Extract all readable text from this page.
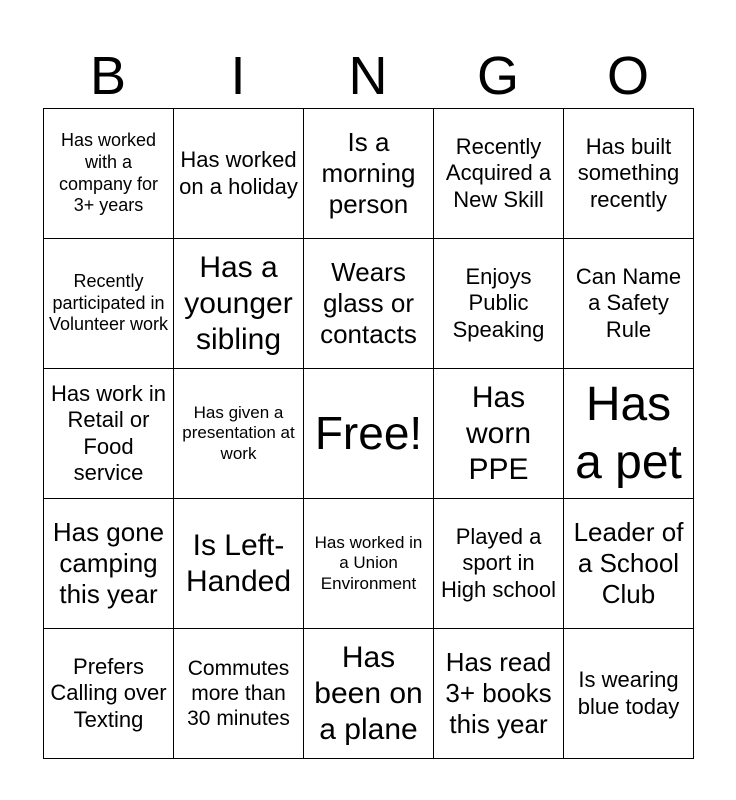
B	I	N	G	O
Has worked with a company for 3+ years	Has worked on a holiday	Is a morning person	Recently Acquired a New Skill	Has built something recently
Recently participated in Volunteer work	Has a younger sibling	Wears glass or contacts	Enjoys Public Speaking	Can Name a Safety Rule
Has work in Retail or Food service	Has given a presentation at work	Free!	Has worn PPE	Has a pet
Has gone camping this year	Is Left-Handed	Has worked in a Union Environment	Played a sport in High school	Leader of a School Club
Prefers Calling over Texting	Commutes more than 30 minutes	Has been on a plane	Has read 3+ books this year	Is wearing blue today
